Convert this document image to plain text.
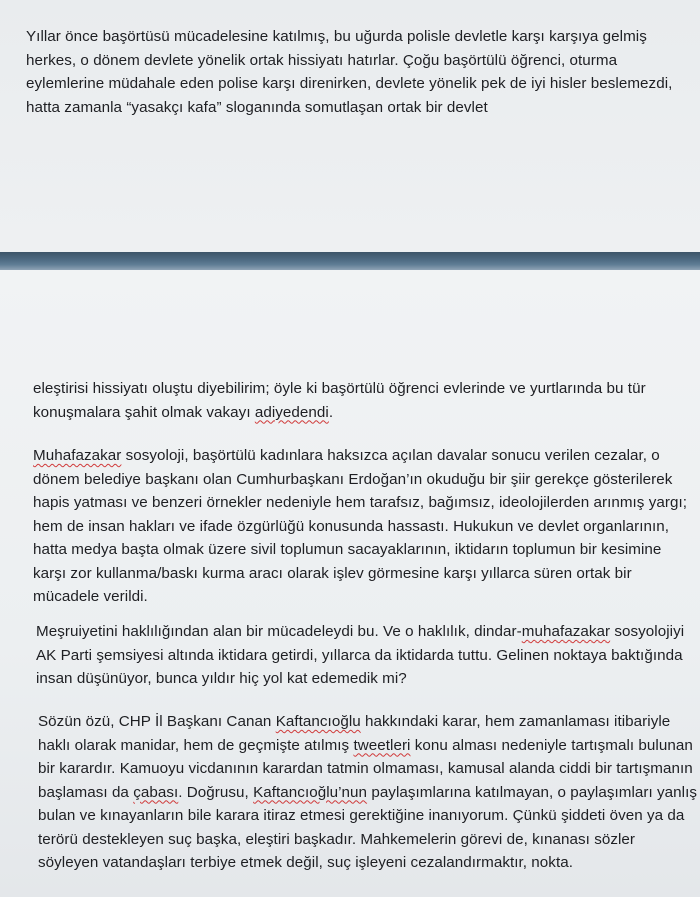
Yıllar önce başörtüsü mücadelesine katılmış, bu uğurda polisle devletle karşı karşıya gelmiş herkes, o dönem devlete yönelik ortak hissiyatı hatırlar. Çoğu başörtülü öğrenci, oturma eylemlerine müdahale eden polise karşı direnirken, devlete yönelik pek de iyi hisler beslemezdi, hatta zamanla “yasakçı kafa” sloganında somutlaşan ortak bir devlet

eleştirisi hissiyatı oluştu diyebilirim; öyle ki başörtülü öğrenci evlerinde ve yurtlarında bu tür konuşmalara şahit olmak vakayı adiyedendi.

Muhafazakar sosyoloji, başörtülü kadınlara haksızca açılan davalar sonucu verilen cezalar, o dönem belediye başkanı olan Cumhurbaşkanı Erdoğan’ın okuduğu bir şiir gerekçe gösterilerek hapis yatması ve benzeri örnekler nedeniyle hem tarafsız, bağımsız, ideolojilerden arınmış yargı; hem de insan hakları ve ifade özgürlüğü konusunda hassastı. Hukukun ve devlet organlarının, hatta medya başta olmak üzere sivil toplumun sacayaklarının, iktidarın toplumun bir kesimine karşı zor kullanma/baskı kurma aracı olarak işlev görmesine karşı yıllarca süren ortak bir mücadele verildi.

Meşruiyetini haklılığından alan bir mücadeleydi bu. Ve o haklılık, dindar-muhafazakar sosyolojiyi AK Parti şemsiyesi altında iktidara getirdi, yıllarca da iktidarda tuttu. Gelinen noktaya baktığında insan düşünüyor, bunca yıldır hiç yol kat edemedik mi?

Sözün özü, CHP İl Başkanı Canan Kaftancıoğlu hakkındaki karar, hem zamanlaması itibariyle haklı olarak manidar, hem de geçmişte atılmış tweetleri konu alması nedeniyle tartışmalı bulunan bir karardır. Kamuoyu vicdanının karardan tatmin olmaması, kamusal alanda ciddi bir tartışmanın başlaması da çabası. Doğrusu, Kaftancıoğlu’nun paylaşımlarına katılmayan, o paylaşımları yanlış bulan ve kınayanların bile karara itiraz etmesi gerektiğine inanıyorum. Çünkü şiddeti öven ya da terörü destekleyen suç başka, eleştiri başkadır. Mahkemelerin görevi de, kınanası sözler söyleyen vatandaşları terbiye etmek değil, suç işleyeni cezalandırmaktır, nokta.
